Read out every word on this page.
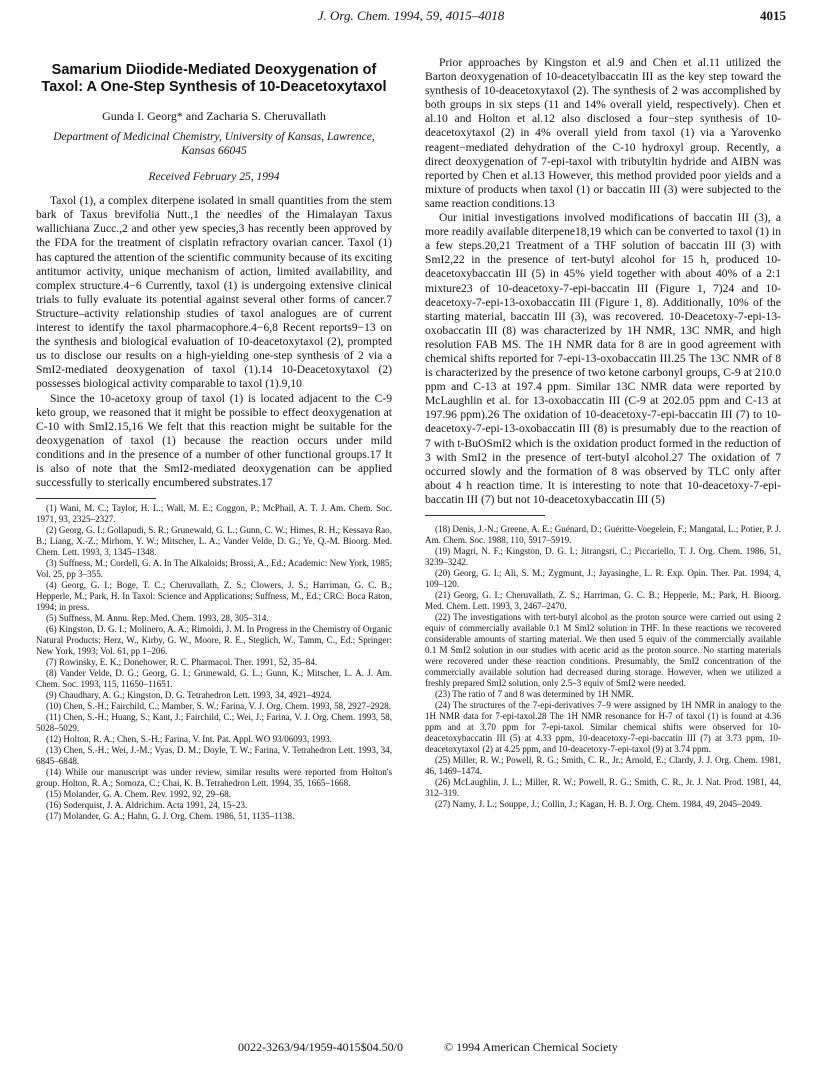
J. Org. Chem. 1994, 59, 4015–4018	4015
Samarium Diiodide-Mediated Deoxygenation of Taxol: A One-Step Synthesis of 10-Deacetoxytaxol
Gunda I. Georg* and Zacharia S. Cheruvallath
Department of Medicinal Chemistry, University of Kansas, Lawrence, Kansas 66045
Received February 25, 1994

Taxol (1), a complex diterpene isolated in small quantities from the stem bark of Taxus brevifolia Nutt.,1 the needles of the Himalayan Taxus wallichiana Zucc.,2 and other yew species,3 has recently been approved by the FDA for the treatment of cisplatin refractory ovarian cancer. Taxol (1) has captured the attention of the scientific community because of its exciting antitumor activity, unique mechanism of action, limited availability, and complex structure.4−6 Currently, taxol (1) is undergoing extensive clinical trials to fully evaluate its potential against several other forms of cancer.7 Structure–activity relationship studies of taxol analogues are of current interest to identify the taxol pharmacophore.4−6,8 Recent reports9−13 on the synthesis and biological evaluation of 10-deacetoxytaxol (2), prompted us to disclose our results on a high-yielding one-step synthesis of 2 via a SmI2-mediated deoxygenation of taxol (1).14 10-Deacetoxytaxol (2) possesses biological activity comparable to taxol (1).9,10

Since the 10-acetoxy group of taxol (1) is located adjacent to the C-9 keto group, we reasoned that it might be possible to effect deoxygenation at C-10 with SmI2.15,16 We felt that this reaction might be suitable for the deoxygenation of taxol (1) because the reaction occurs under mild conditions and in the presence of a number of other functional groups.17 It is also of note that the SmI2-mediated deoxygenation can be applied successfully to sterically encumbered substrates.17

(1) Wani, M. C.; Taylor, H. L.; Wall, M. E.; Coggon, P.; McPhail, A. T. J. Am. Chem. Soc. 1971, 93, 2325–2327.
(2) Georg, G. I.; Gollapudi, S. R.; Grunewald, G. L.; Gunn, C. W.; Himes, R. H.; Kessava Rao, B.; Liang, X.-Z.; Mirhom, Y. W.; Mitscher, L. A.; Vander Velde, D. G.; Ye, Q.-M. Bioorg. Med. Chem. Lett. 1993, 3, 1345–1348.
(3) Suffness, M.; Cordell, G. A. In The Alkaloids; Brossi, A., Ed.; Academic: New York, 1985; Vol. 25, pp 3–355.
(4) Georg, G. I.; Boge, T. C.; Cheruvallath, Z. S.; Clowers, J. S.; Harriman, G. C. B.; Hepperle, M.; Park, H. In Taxol: Science and Applications; Suffness, M., Ed.; CRC: Boca Raton, 1994; in press.
(5) Suffness, M. Annu. Rep. Med. Chem. 1993, 28, 305–314.
(6) Kingston, D. G. I.; Molinero, A. A.; Rimoldi, J. M. In Progress in the Chemistry of Organic Natural Products; Herz, W., Kirby, G. W., Moore, R. E., Steglich, W., Tamm, C., Ed.; Springer: New York, 1993; Vol. 61, pp 1–206.
(7) Rowinsky, E. K.; Donehower, R. C. Pharmacol. Ther. 1991, 52, 35–84.
(8) Vander Velde, D. G.; Georg, G. I.; Grunewald, G. L.; Gunn, K.; Mitscher, L. A. J. Am. Chem. Soc. 1993, 115, 11650–11651.
(9) Chaudhary, A. G.; Kingston, D. G. Tetrahedron Lett. 1993, 34, 4921–4924.
(10) Chen, S.-H.; Fairchild, C.; Mamber, S. W.; Farina, V. J. Org. Chem. 1993, 58, 2927–2928.
(11) Chen, S.-H.; Huang, S.; Kant, J.; Fairchild, C.; Wei, J.; Farina, V. J. Org. Chem. 1993, 58, 5028–5029.
(12) Holton, R. A.; Chen, S.-H.; Farina, V. Int. Pat. Appl. WO 93/06093, 1993.
(13) Chen, S.-H.; Wei, J.-M.; Vyas, D. M.; Doyle, T. W.; Farina, V. Tetrahedron Lett. 1993, 34, 6845–6848.
(14) While our manuscript was under review, similar results were reported from Holton's group. Holton, R. A.; Somoza, C.; Chai, K. B. Tetrahedron Lett. 1994, 35, 1665–1668.
(15) Molander, G. A. Chem. Rev. 1992, 92, 29–68.
(16) Soderquist, J. A. Aldrichim. Acta 1991, 24, 15–23.
(17) Molander, G. A.; Hahn, G. J. Org. Chem. 1986, 51, 1135–1138.

Prior approaches by Kingston et al.9 and Chen et al.11 utilized the Barton deoxygenation of 10-deacetylbaccatin III as the key step toward the synthesis of 10-deacetoxytaxol (2). The synthesis of 2 was accomplished by both groups in six steps (11 and 14% overall yield, respectively). Chen et al.10 and Holton et al.12 also disclosed a four−step synthesis of 10-deacetoxytaxol (2) in 4% overall yield from taxol (1) via a Yarovenko reagent−mediated dehydration of the C-10 hydroxyl group. Recently, a direct deoxygenation of 7-epi-taxol with tributyltin hydride and AIBN was reported by Chen et al.13 However, this method provided poor yields and a mixture of products when taxol (1) or baccatin III (3) were subjected to the same reaction conditions.13

Our initial investigations involved modifications of baccatin III (3), a more readily available diterpene18,19 which can be converted to taxol (1) in a few steps.20,21 Treatment of a THF solution of baccatin III (3) with SmI2,22 in the presence of tert-butyl alcohol for 15 h, produced 10-deacetoxybaccatin III (5) in 45% yield together with about 40% of a 2:1 mixture23 of 10-deacetoxy-7-epi-baccatin III (Figure 1, 7)24 and 10-deacetoxy-7-epi-13-oxobaccatin III (Figure 1, 8). Additionally, 10% of the starting material, baccatin III (3), was recovered. 10-Deacetoxy-7-epi-13-oxobaccatin III (8) was characterized by 1H NMR, 13C NMR, and high resolution FAB MS. The 1H NMR data for 8 are in good agreement with chemical shifts reported for 7-epi-13-oxobaccatin III.25 The 13C NMR of 8 is characterized by the presence of two ketone carbonyl groups, C-9 at 210.0 ppm and C-13 at 197.4 ppm. Similar 13C NMR data were reported by McLaughlin et al. for 13-oxobaccatin III (C-9 at 202.05 ppm and C-13 at 197.96 ppm).26 The oxidation of 10-deacetoxy-7-epi-baccatin III (7) to 10-deacetoxy-7-epi-13-oxobaccatin III (8) is presumably due to the reaction of 7 with t-BuOSmI2 which is the oxidation product formed in the reduction of 3 with SmI2 in the presence of tert-butyl alcohol.27 The oxidation of 7 occurred slowly and the formation of 8 was observed by TLC only after about 4 h reaction time. It is interesting to note that 10-deacetoxy-7-epi-baccatin III (7) but not 10-deacetoxybaccatin III (5)

(18) Denis, J.-N.; Greene, A. E.; Guénard, D.; Guéritte-Voegelein, F.; Mangatal, L.; Potier, P. J. Am. Chem. Soc. 1988, 110, 5917–5919.
(19) Magri, N. F.; Kingston, D. G. I.; Jitrangsri, C.; Piccariello, T. J. Org. Chem. 1986, 51, 3239–3242.
(20) Georg, G. I.; Ali, S. M.; Zygmunt, J.; Jayasinghe, L. R. Exp. Opin. Ther. Pat. 1994, 4, 109–120.
(21) Georg, G. I.; Cheruvallath, Z. S.; Harriman, G. C. B.; Hepperle, M.; Park, H. Bioorg. Med. Chem. Lett. 1993, 3, 2467–2470.
(22) The investigations with tert-butyl alcohol as the proton source were carried out using 2 equiv of commercially available 0.1 M SmI2 solution in THF. In these reactions we recovered considerable amounts of starting material. We then used 5 equiv of the commercially available 0.1 M SmI2 solution in our studies with acetic acid as the proton source. No starting materials were recovered under these reaction conditions. Presumably, the SmI2 concentration of the commercially available solution had decreased during storage. However, when we utilized a freshly prepared SmI2 solution, only 2.5–3 equiv of SmI2 were needed.
(23) The ratio of 7 and 8 was determined by 1H NMR.
(24) The structures of the 7-epi-derivatives 7–9 were assigned by 1H NMR in analogy to the 1H NMR data for 7-epi-taxol.28 The 1H NMR resonance for H-7 of taxol (1) is found at 4.36 ppm and at 3.70 ppm for 7-epi-taxol. Similar chemical shifts were observed for 10-deacetoxybaccatin III (5) at 4.33 ppm, 10-deacetoxy-7-epi-baccatin III (7) at 3.73 ppm, 10-deacetoxytaxol (2) at 4.25 ppm, and 10-deacetoxy-7-epi-taxol (9) at 3.74 ppm.
(25) Miller, R. W.; Powell, R. G.; Smith, C. R., Jr.; Arnold, E.; Clardy, J. J. Org. Chem. 1981, 46, 1469–1474.
(26) McLaughlin, J. L.; Miller, R. W.; Powell, R. G.; Smith, C. R., Jr. J. Nat. Prod. 1981, 44, 312–319.
(27) Namy, J. L.; Souppe, J.; Collin, J.; Kagan, H. B. J. Org. Chem. 1984, 49, 2045–2049.
0022-3263/94/1959-4015$04.50/0	© 1994 American Chemical Society
